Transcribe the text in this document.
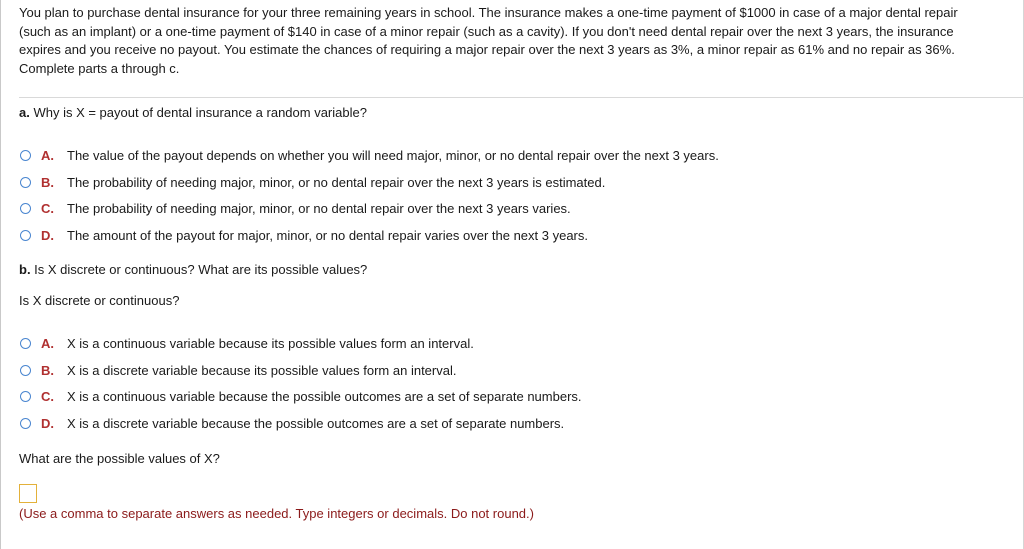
You plan to purchase dental insurance for your three remaining years in school. The insurance makes a one-time payment of $1000 in case of a major dental repair
(such as an implant) or a one-time payment of $140 in case of a minor repair (such as a cavity). If you don't need dental repair over the next 3 years, the insurance
expires and you receive no payout. You estimate the chances of requiring a major repair over the next 3 years as 3%, a minor repair as 61% and no repair as 36%.
Complete parts a through c.
a. Why is X = payout of dental insurance a random variable?
A.	The value of the payout depends on whether you will need major, minor, or no dental repair over the next 3 years.
B.	The probability of needing major, minor, or no dental repair over the next 3 years is estimated.
C.	The probability of needing major, minor, or no dental repair over the next 3 years varies.
D.	The amount of the payout for major, minor, or no dental repair varies over the next 3 years.
b. Is X discrete or continuous? What are its possible values?
Is X discrete or continuous?
A.	X is a continuous variable because its possible values form an interval.
B.	X is a discrete variable because its possible values form an interval.
C.	X is a continuous variable because the possible outcomes are a set of separate numbers.
D.	X is a discrete variable because the possible outcomes are a set of separate numbers.
What are the possible values of X?
(Use a comma to separate answers as needed. Type integers or decimals. Do not round.)
